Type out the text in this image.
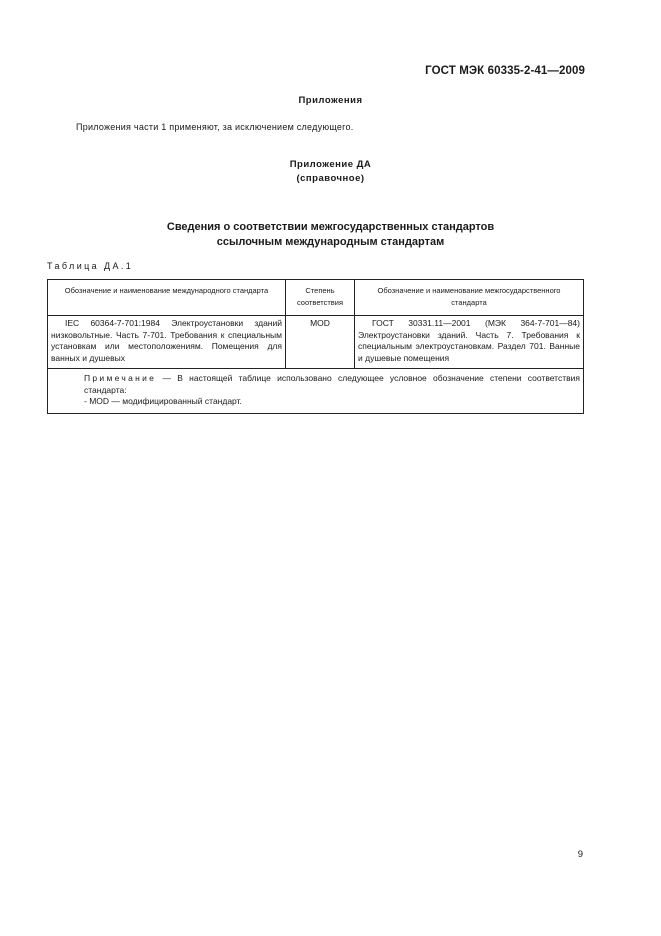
ГОСТ МЭК 60335-2-41—2009
Приложения
Приложения части 1 применяют, за исключением следующего.
Приложение ДА
(справочное)
Сведения о соответствии межгосударственных стандартов
ссылочным международным стандартам
Таблица ДА.1
Обозначение и наименование международного стандарта	Степень соответствия	Обозначение и наименование межгосударственного стандарта
IEC 60364-7-701:1984 Электроустановки зданий низковольтные. Часть 7-701. Требования к специальным установкам или местоположениям. Помещения для ванных и душевых	MOD	ГОСТ 30331.11—2001 (МЭК 364-7-701—84) Электроустановки зданий. Часть 7. Требования к специальным электроустановкам. Раздел 701. Ванные и душевые помещения

Примечание — В настоящей таблице использовано следующее условное обозначение степени соответствия стандарта:
- MOD — модифицированный стандарт.		
9
